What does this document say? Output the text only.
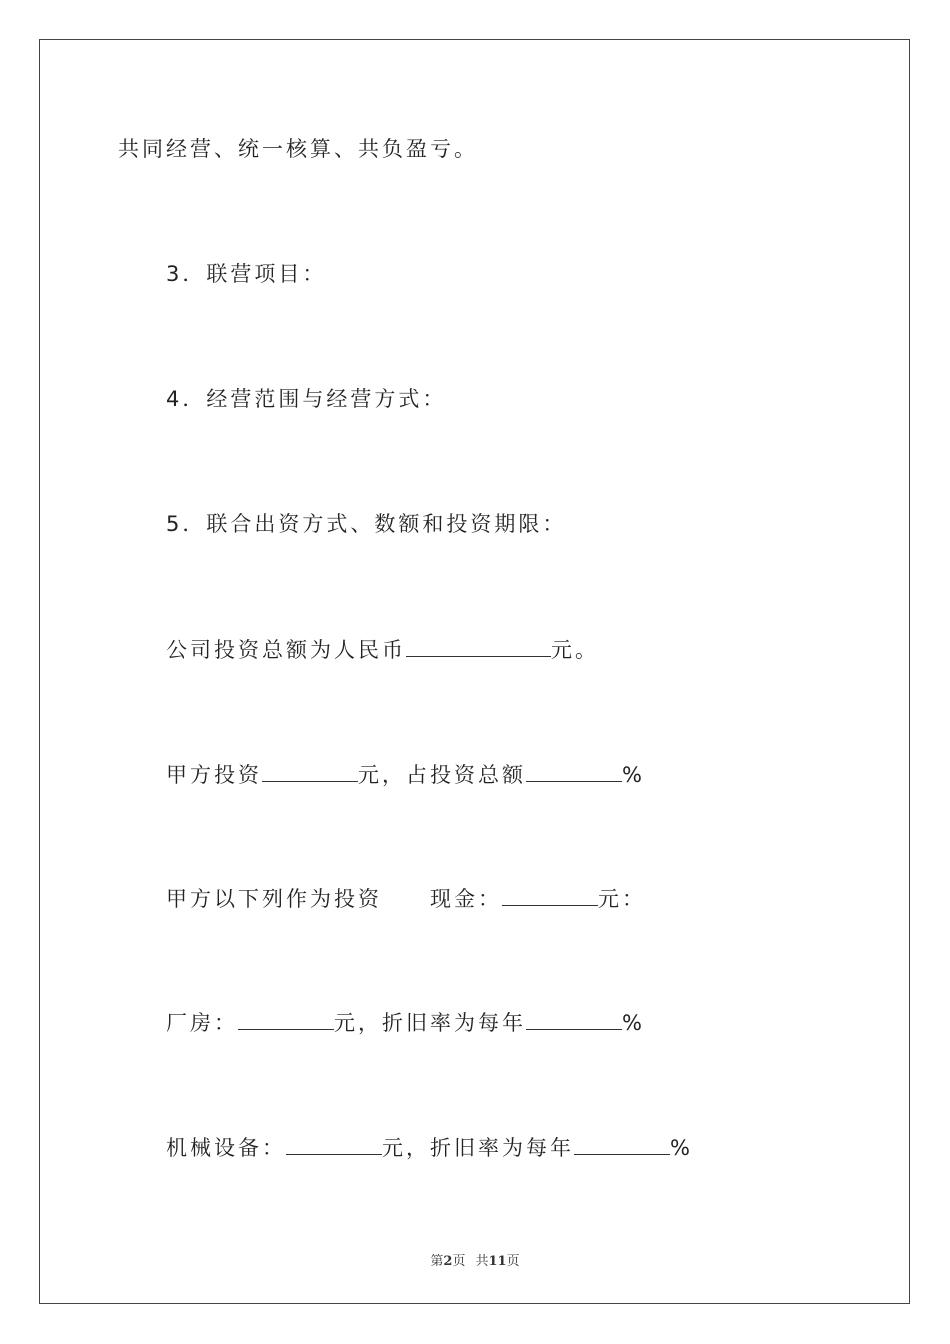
共同经营、统一核算、共负盈亏。
3．联营项目：
4．经营范围与经营方式：
5．联合出资方式、数额和投资期限：
公司投资总额为人民币	元。
甲方投资	元，占投资总额	%
甲方以下列作为投资 现金：	元：
厂房：	元，折旧率为每年	%
机械设备：	元，折旧率为每年	%
第2页 共11页
